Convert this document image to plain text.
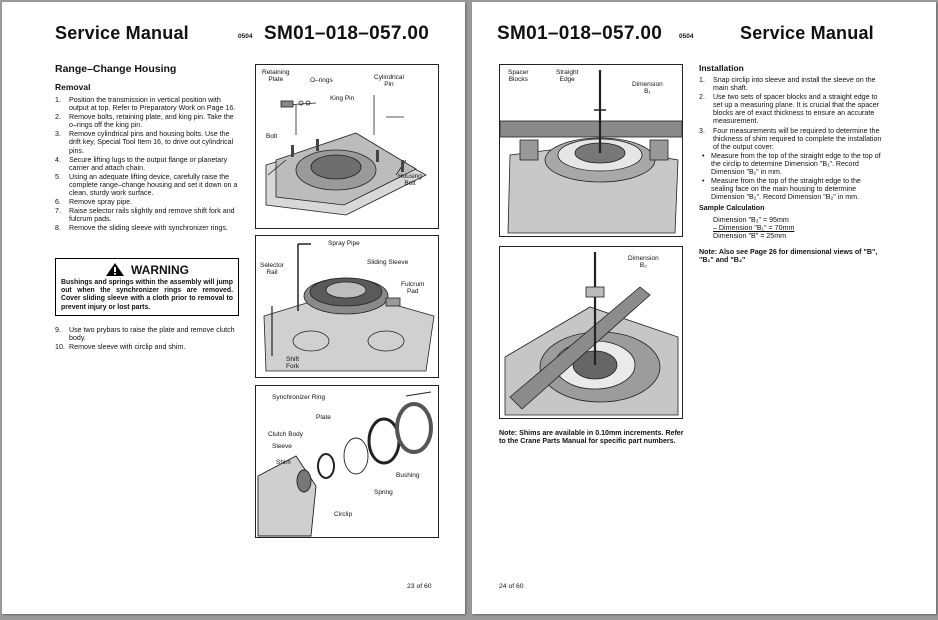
Service Manual	0504 SM01–018–057.00
Range–Change Housing
Removal
1. Position the transmission in vertical position with output at top. Refer to Preparatory Work on Page 16.
2. Remove bolts, retaining plate, and king pin. Take the o–rings off the king pin.
3. Remove cylindrical pins and housing bolts. Use the drift key, Special Tool Item 16, to drive out cylindrical pins.
4. Secure lifting lugs to the output flange or planetary carrier and attach chain.
5. Using an adequate lifting device, carefully raise the complete range–change housing and set it down on a clean, sturdy work surface.
6. Remove spray pipe.
7. Raise selector rails slightly and remove shift fork and fulcrum pads.
8. Remove the sliding sleeve with synchronizer rings.
WARNING
Bushings and springs within the assembly will jump out when the synchronizer rings are removed. Cover sliding sleeve with a cloth prior to removal to prevent injury or lost parts.
9. Use two prybars to raise the plate and remove clutch body.
10. Remove sleeve with circlip and shim.
Retaining
Plate	O–rings	Cylindrical
Pin
King Pin
Bolt
Housing
Bolt
Spray Pipe
Selector
Rail
Sliding Sleeve
Fulcrum
Pad
Shift
Fork
Synchronizer Ring
Plate
Clutch Body
Sleeve
Shim
Bushing
Spring
Circlip
23 of 60
SM01–018–057.00	0504	Service Manual
Spacer
Blocks
Straight
Edge
Dimension
B₁
Dimension
B₂
Note: Shims are available in 0.10mm increments. Refer to the Crane Parts Manual for specific part numbers.
Installation
1. Snap circlip into sleeve and install the sleeve on the main shaft.
2. Use two sets of spacer blocks and a straight edge to set up a measuring plane. It is crucial that the spacer blocks are of exact thickness to ensure an accurate measurement.
3. Four measurements will be required to determine the thickness of shim required to complete the installation of the output cover:
• Measure from the top of the straight edge to the top of the circlip to determine Dimension "B₁". Record Dimension "B₁" in mm.
• Measure from the top of the straight edge to the sealing face on the main housing to determine Dimension "B₂". Record Dimension "B₂" in mm.
Sample Calculation
Dimension "B₂" = 95mm
– Dimension "B₁" = 70mm
Dimension "B" = 25mm
Note: Also see Page 26 for dimensional views of "B", "B₁" and "B₂"
24 of 60
